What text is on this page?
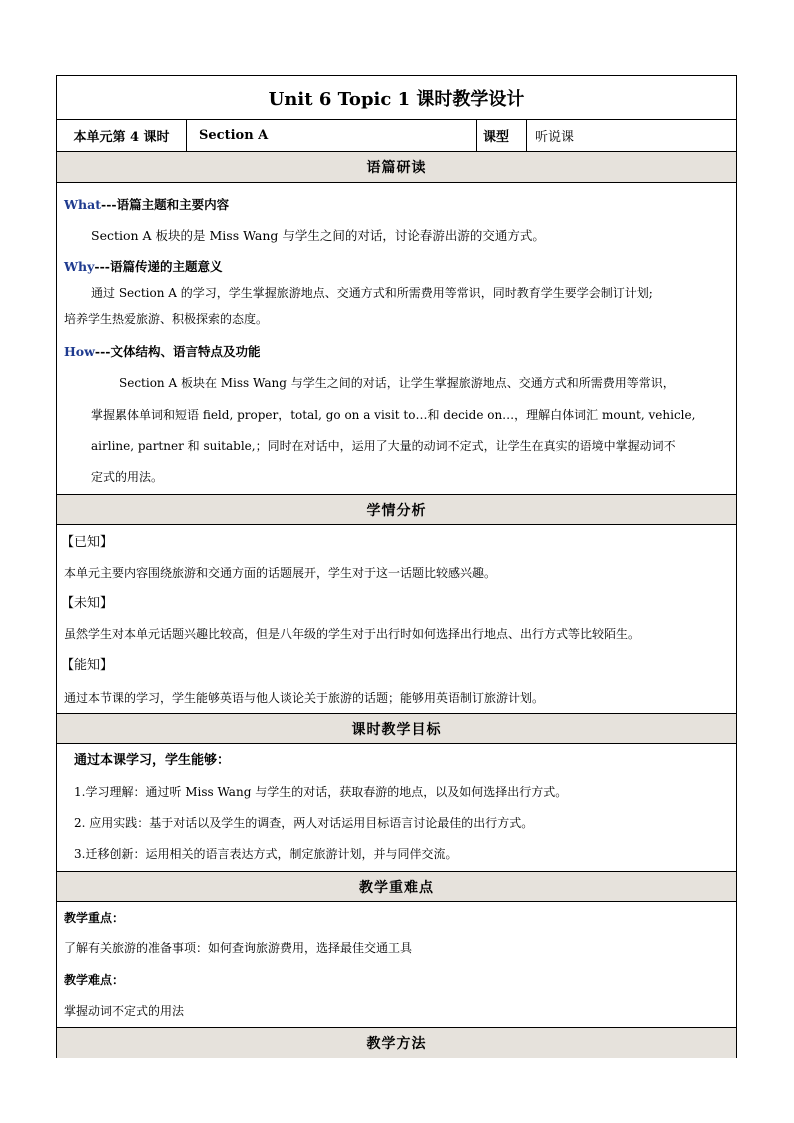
Unit 6 Topic 1 课时教学设计
本单元第 4 课时	Section A	课型	听说课
语篇研读
What---语篇主题和主要内容
Section A 板块的是 Miss Wang 与学生之间的对话，讨论春游出游的交通方式。
Why---语篇传递的主题意义
通过 Section A 的学习，学生掌握旅游地点、交通方式和所需费用等常识，同时教育学生要学会制订计划;
培养学生热爱旅游、积极探索的态度。
How---文体结构、语言特点及功能
Section A 板块在 Miss Wang 与学生之间的对话，让学生掌握旅游地点、交通方式和所需费用等常识，
掌握累体单词和短语 field, proper，total, go on a visit to…和 decide on…，理解白体词汇 mount, vehicle,
airline, partner 和 suitable,；同时在对话中，运用了大量的动词不定式，让学生在真实的语境中掌握动词不
定式的用法。
学情分析
【已知】
本单元主要内容围绕旅游和交通方面的话题展开，学生对于这一话题比较感兴趣。
【未知】
虽然学生对本单元话题兴趣比较高，但是八年级的学生对于出行时如何选择出行地点、出行方式等比较陌生。
【能知】
通过本节课的学习，学生能够英语与他人谈论关于旅游的话题；能够用英语制订旅游计划。
课时教学目标
通过本课学习，学生能够：
1.学习理解：通过听 Miss Wang 与学生的对话，获取春游的地点，以及如何选择出行方式。
2. 应用实践：基于对话以及学生的调查，两人对话运用目标语言讨论最佳的出行方式。
3.迁移创新：运用相关的语言表达方式，制定旅游计划，并与同伴交流。
教学重难点
教学重点：
了解有关旅游的准备事项：如何查询旅游费用，选择最佳交通工具
教学难点：
掌握动词不定式的用法
教学方法
